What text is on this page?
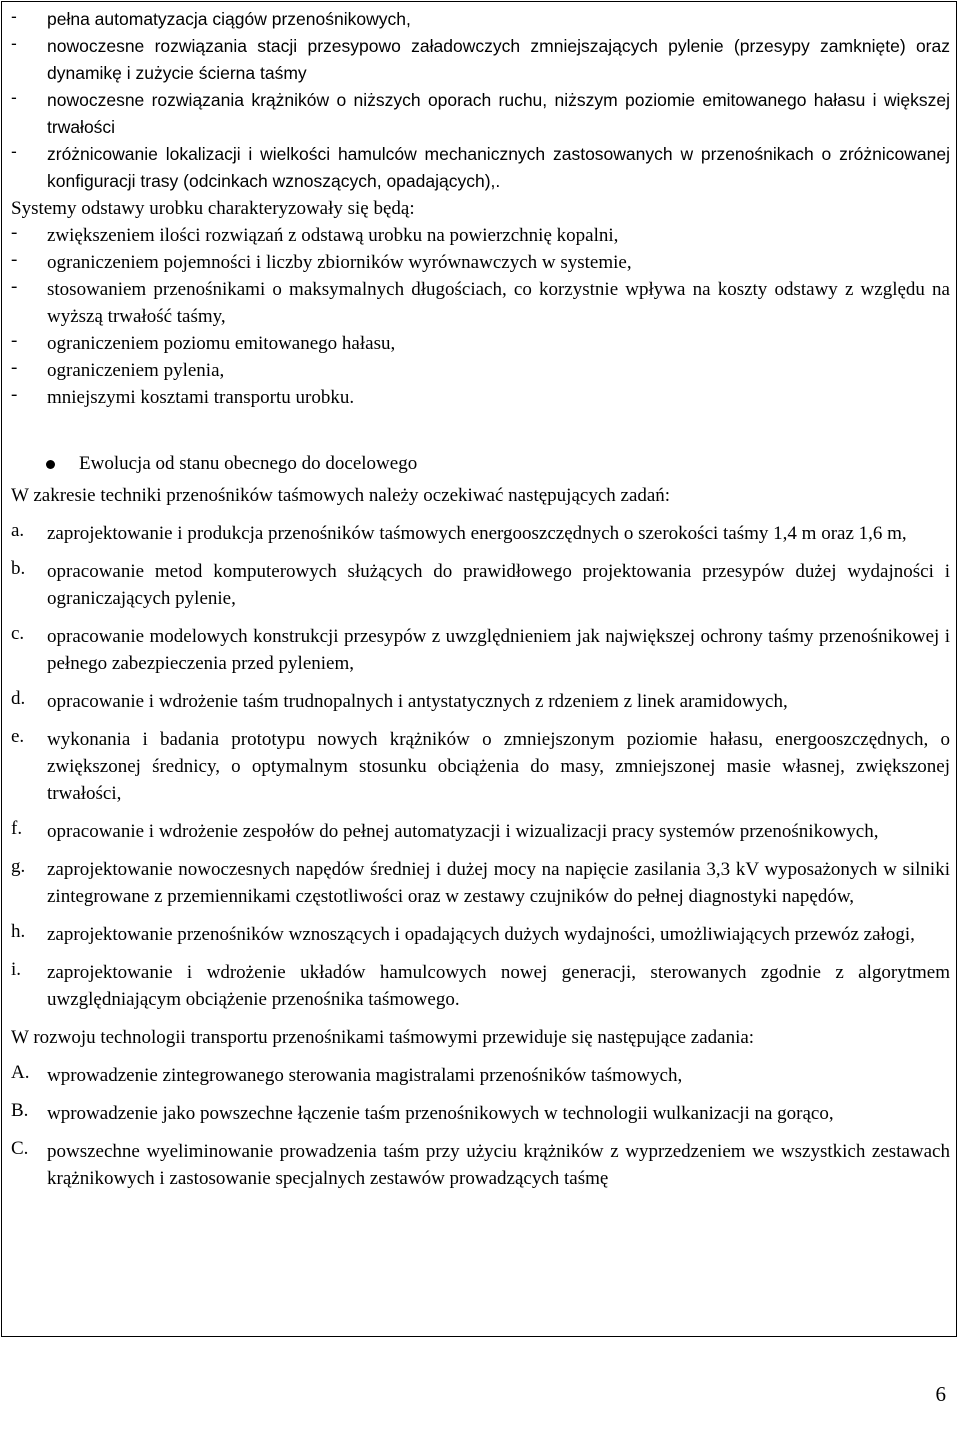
-	pełna automatyzacja ciągów przenośnikowych,
-	nowoczesne rozwiązania stacji przesypowo załadowczych zmniejszających pylenie (przesypy zamknięte) oraz dynamikę i zużycie ścierna taśmy
-	nowoczesne rozwiązania krążników o niższych oporach ruchu, niższym poziomie emitowanego hałasu i większej trwałości
-	zróżnicowanie lokalizacji i wielkości hamulców mechanicznych zastosowanych w przenośnikach o zróżnicowanej konfiguracji trasy (odcinkach wznoszących, opadających),.
Systemy odstawy urobku charakteryzowały się będą:
-	zwiększeniem ilości rozwiązań z odstawą urobku na powierzchnię kopalni,
-	ograniczeniem pojemności i liczby zbiorników wyrównawczych w systemie,
-	stosowaniem przenośnikami o maksymalnych długościach, co korzystnie wpływa na koszty odstawy z względu na wyższą trwałość taśmy,
-	ograniczeniem poziomu emitowanego hałasu,
-	ograniczeniem pylenia,
-	mniejszymi kosztami transportu urobku.
Ewolucja od stanu obecnego do docelowego
W zakresie techniki przenośników taśmowych należy oczekiwać następujących zadań:
a.	zaprojektowanie i produkcja przenośników taśmowych energooszczędnych o szerokości taśmy 1,4 m oraz 1,6 m,
b.	opracowanie metod komputerowych służących do prawidłowego projektowania przesypów dużej wydajności i ograniczających pylenie,
c.	opracowanie modelowych konstrukcji przesypów z uwzględnieniem jak największej ochrony taśmy przenośnikowej i pełnego zabezpieczenia przed pyleniem,
d.	opracowanie i wdrożenie taśm trudnopalnych i antystatycznych z rdzeniem z linek aramidowych,
e.	wykonania i badania prototypu nowych krążników o zmniejszonym poziomie hałasu, energooszczędnych, o zwiększonej średnicy, o optymalnym stosunku obciążenia do masy, zmniejszonej masie własnej, zwiększonej trwałości,
f.	opracowanie i wdrożenie zespołów do pełnej automatyzacji i wizualizacji pracy systemów przenośnikowych,
g.	zaprojektowanie nowoczesnych napędów średniej i dużej mocy na napięcie zasilania 3,3 kV wyposażonych w silniki zintegrowane z przemiennikami częstotliwości oraz w zestawy czujników do pełnej diagnostyki napędów,
h.	zaprojektowanie przenośników wznoszących i opadających dużych wydajności, umożliwiających przewóz załogi,
i.	zaprojektowanie i wdrożenie układów hamulcowych nowej generacji, sterowanych zgodnie z algorytmem uwzględniającym obciążenie przenośnika taśmowego.
W rozwoju technologii transportu przenośnikami taśmowymi przewiduje się następujące zadania:
A. wprowadzenie zintegrowanego sterowania magistralami przenośników taśmowych,
B. wprowadzenie jako powszechne łączenie taśm przenośnikowych w technologii wulkanizacji na gorąco,
C. powszechne wyeliminowanie prowadzenia taśm przy użyciu krążników z wyprzedzeniem we wszystkich zestawach krążnikowych i zastosowanie specjalnych zestawów prowadzących taśmę
6
